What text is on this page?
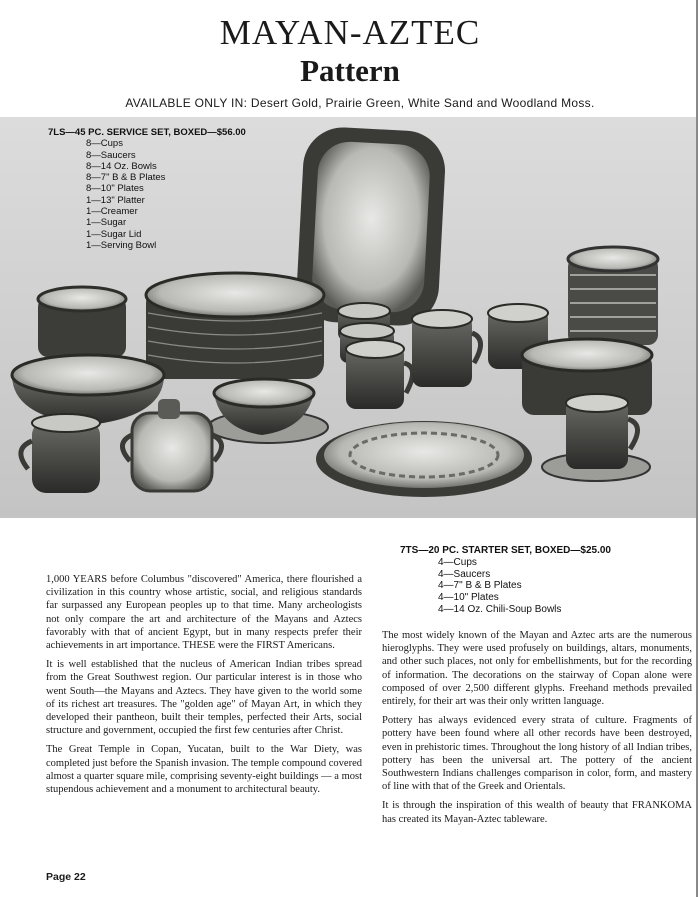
MAYAN-AZTEC
Pattern
AVAILABLE ONLY IN: Desert Gold, Prairie Green, White Sand and Woodland Moss.
7LS—45 PC. SERVICE SET, BOXED—$56.00
8—Cups
8—Saucers
8—14 Oz. Bowls
8—7" B & B Plates
8—10" Plates
1—13" Platter
1—Creamer
1—Sugar
1—Sugar Lid
1—Serving Bowl
7TS—20 PC. STARTER SET, BOXED—$25.00
4—Cups
4—Saucers
4—7" B & B Plates
4—10" Plates
4—14 Oz. Chili-Soup Bowls

1,000 YEARS before Columbus "discovered" America, there flourished a civilization in this country whose artistic, social, and religious standards far surpassed any European peoples up to that time. Many archeologists not only compare the art and architecture of the Mayans and Aztecs favorably with that of ancient Egypt, but in many respects prefer their achievements in art importance. THESE were the FIRST Americans.

It is well established that the nucleus of American Indian tribes spread from the Great Southwest region. Our particular interest is in those who went South—the Mayans and Aztecs. They have given to the world some of its richest art treasures. The "golden age" of Mayan Art, in which they developed their pantheon, built their temples, perfected their Arts, social structure and government, occupied the first few centuries after Christ.

The Great Temple in Copan, Yucatan, built to the War Diety, was completed just before the Spanish invasion. The temple compound covered almost a quarter square mile, comprising seventy-eight buildings — a most stupendous achievement and a monument to architectural beauty.

The most widely known of the Mayan and Aztec arts are the numerous hieroglyphs. They were used profusely on buildings, altars, monuments, and other such places, not only for embellishments, but for the recording of information. The decorations on the stairway of Copan alone were composed of over 2,500 different glyphs. Freehand methods prevailed entirely, for their art was their only written language.

Pottery has always evidenced every strata of culture. Fragments of pottery have been found where all other records have been destroyed, even in prehistoric times. Throughout the long history of all Indian tribes, pottery has been the universal art. The pottery of the ancient Southwestern Indians challenges comparison in color, form, and mastery of line with that of the Greek and Orientals.

It is through the inspiration of this wealth of beauty that FRANKOMA has created its Mayan-Aztec tableware.

Page 22
